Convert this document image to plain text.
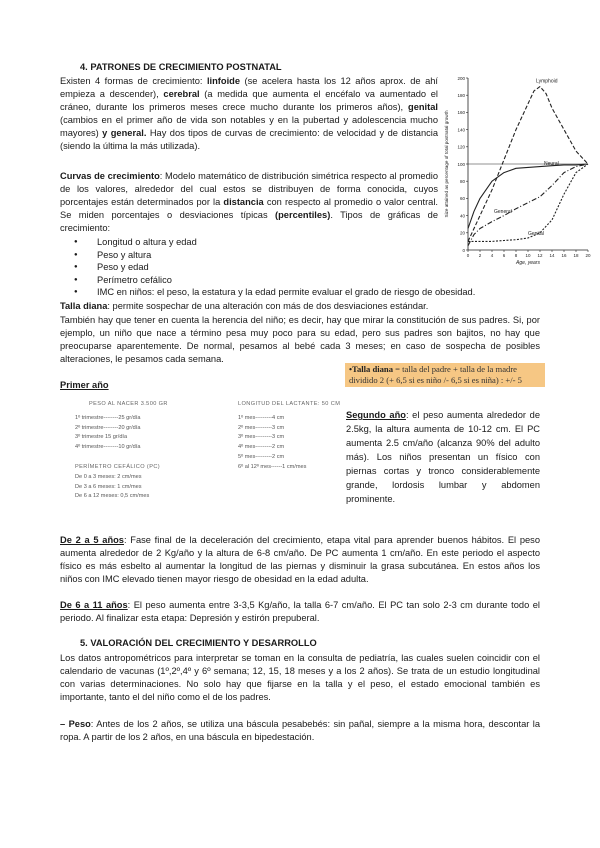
4. PATRONES DE CRECIMIENTO POSTNATAL

Existen 4 formas de crecimiento: linfoide (se acelera hasta los 12 años aprox. de ahí empieza a descender), cerebral (a medida que aumenta el encéfalo va aumentado el cráneo, durante los primeros meses crece mucho durante los primeros años), genital (cambios en el primer año de vida son notables y en la pubertad y adolescencia mucho mayores) y general. Hay dos tipos de curvas de crecimiento: de velocidad y de distancia (siendo la última la más utilizada).

0
20
40
60
80
100
120
140
160
180
200
0 2 4 6 8 10 12 14 16 18 20
Age, years
Size attained as percentage of total postnatal growth
Lymphoid
Neural
General
Genital

Curvas de crecimiento: Modelo matemático de distribución simétrica respecto al promedio de los valores, alrededor del cual estos se distribuyen de forma conocida, cuyos porcentajes están determinados por la distancia con respecto al promedio o valor central. Se miden porcentajes o desviaciones típicas (percentiles). Tipos de gráficas de crecimiento:

● Longitud o altura y edad
● Peso y altura
● Peso y edad
● Perímetro cefálico
● IMC en niños: el peso, la estatura y la edad permite evaluar el grado de riesgo de obesidad.
Talla diana: permite sospechar de una alteración con más de dos desviaciones estándar.

También hay que tener en cuenta la herencia del niño; es decir, hay que mirar la constitución de sus padres. Si, por ejemplo, un niño que nace a término pesa muy poco para su edad, pero sus padres son bajitos, no hay que preocuparse aparentemente. De normal, pesamos al bebé cada 3 meses; en caso de sospecha de posibles alteraciones, le pesamos cada semana.

•Talla diana = talla del padre + talla de la madre
dividido 2 (+ 6,5 si es niño /- 6,5 si es niña) : +/- 5
Primer año
PESO AL NACER 3.500 GR
1º trimestre--------25 gr/día
2º trimestre--------20 gr/día
3º trimestre 15 gr/día
4º trimestre--------10 gr/día
PERÍMETRO CEFÁLICO (PC)
De 0 a 3 meses: 2 cm/mes
De 3 a 6 meses: 1 cm/mes
De 6 a 12 meses: 0,5 cm/mes
LONGITUD DEL LACTANTE: 50 CM
1º mes---------4 cm
2º mes---------3 cm
3º mes---------3 cm
4º mes---------2 cm
5º mes---------2 cm
6º al 12º mes------1 cm/mes

Segundo año: el peso aumenta alrededor de 2.5kg, la altura aumenta de 10-12 cm. El PC aumenta 2.5 cm/año (alcanza 90% del adulto más). Los niños presentan un físico con piernas cortas y tronco considerablemente grande, lordosis lumbar y abdomen prominente.

De 2 a 5 años: Fase final de la deceleración del crecimiento, etapa vital para aprender buenos hábitos. El peso aumenta alrededor de 2 Kg/año y la altura de 6-8 cm/año. De PC aumenta 1 cm/año. En este periodo el aspecto físico es más esbelto al aumentar la longitud de las piernas y disminuir la grasa subcutánea. En estos años los niños con IMC elevado tienen mayor riesgo de obesidad en la edad adulta.

De 6 a 11 años: El peso aumenta entre 3-3,5 Kg/año, la talla 6-7 cm/año. El PC tan solo 2-3 cm durante todo el periodo. Al finalizar esta etapa: Depresión y estirón prepuberal.

5. VALORACIÓN DEL CRECIMIENTO Y DESARROLLO

Los datos antropométricos para interpretar se toman en la consulta de pediatría, las cuales suelen coincidir con el calendario de vacunas (1º,2º,4º y 6º semana; 12, 15, 18 meses y a los 2 años). Se trata de un estudio longitudinal con varias determinaciones. No solo hay que fijarse en la talla y el peso, el estado emocional también es importante, tanto el del niño como el de los padres.

– Peso: Antes de los 2 años, se utiliza una báscula pesabebés: sin pañal, siempre a la misma hora, descontar la ropa. A partir de los 2 años, en una báscula en bipedestación.
